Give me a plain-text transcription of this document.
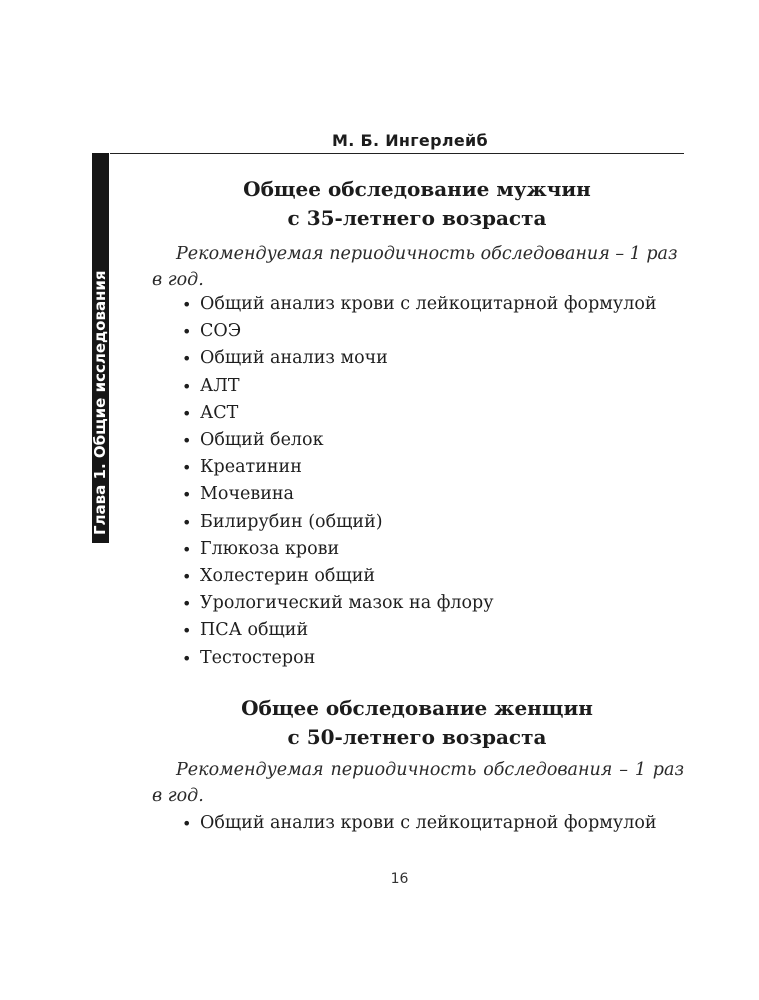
М. Б. Ингерлейб
Глава 1. Общие исследования
Общее обследование мужчин
с 35-летнего возраста
Рекомендуемая периодичность обследования – 1 раз в год.
• Общий анализ крови с лейкоцитарной формулой
• СОЭ
• Общий анализ мочи
• АЛТ
• АСТ
• Общий белок
• Креатинин
• Мочевина
• Билирубин (общий)
• Глюкоза крови
• Холестерин общий
• Урологический мазок на флору
• ПСА общий
• Тестостерон
Общее обследование женщин
с 50-летнего возраста
Рекомендуемая периодичность обследования – 1 раз в год.
• Общий анализ крови с лейкоцитарной формулой
16
